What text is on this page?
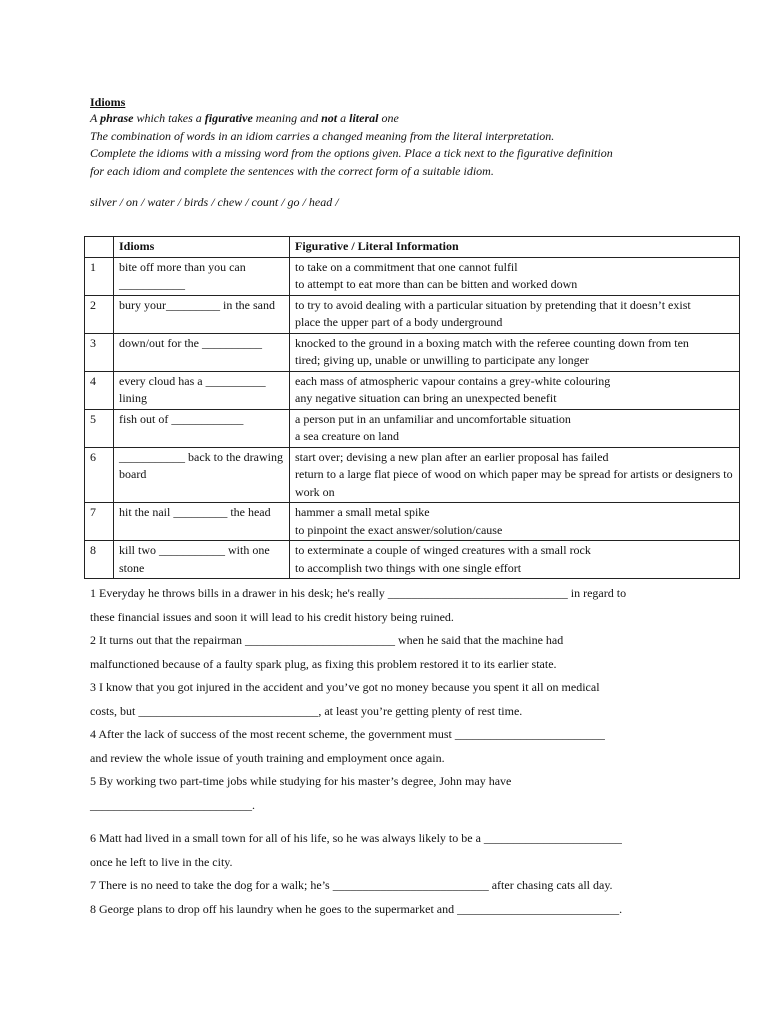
Idioms

A phrase which takes a figurative meaning and not a literal one

The combination of words in an idiom carries a changed meaning from the literal interpretation.

Complete the idioms with a missing word from the options given. Place a tick next to the figurative definition

for each idiom and complete the sentences with the correct form of a suitable idiom.

silver / on / water / birds / chew / count / go / head /
	Idioms	Figurative / Literal Information
1	bite off more than you can ___________	to take on a commitment that one cannot fulfil
to attempt to eat more than can be bitten and worked down

2	bury your_________ in the sand	to try to avoid dealing with a particular situation by pretending that it doesn’t exist
place the upper part of a body underground

3	down/out for the __________	knocked to the ground in a boxing match with the referee counting down from ten
tired; giving up, unable or unwilling to participate any longer

4	every cloud has a __________ lining	each mass of atmospheric vapour contains a grey-white colouring
any negative situation can bring an unexpected benefit

5	fish out of ____________	a person put in an unfamiliar and uncomfortable situation
a sea creature on land

6	___________ back to the drawing board	start over; devising a new plan after an earlier proposal has failed
return to a large flat piece of wood on which paper may be spread for artists or designers to work on

7	hit the nail _________ the head	hammer a small metal spike
to pinpoint the exact answer/solution/cause

8	kill two ___________ with one stone	to exterminate a couple of winged creatures with a small rock
to accomplish two things with one single effort

1 Everyday he throws bills in a drawer in his desk; he's really ______________________________ in regard to

these financial issues and soon it will lead to his credit history being ruined.

2 It turns out that the repairman _________________________ when he said that the machine had

malfunctioned because of a faulty spark plug, as fixing this problem restored it to its earlier state.

3 I know that you got injured in the accident and you’ve got no money because you spent it all on medical

costs, but ______________________________, at least you’re getting plenty of rest time.

4 After the lack of success of the most recent scheme, the government must _________________________

and review the whole issue of youth training and employment once again.

5 By working two part-time jobs while studying for his master’s degree, John may have

___________________________.

6 Matt had lived in a small town for all of his life, so he was always likely to be a _______________________

once he left to live in the city.

7 There is no need to take the dog for a walk; he’s __________________________ after chasing cats all day.

8 George plans to drop off his laundry when he goes to the supermarket and ___________________________.
